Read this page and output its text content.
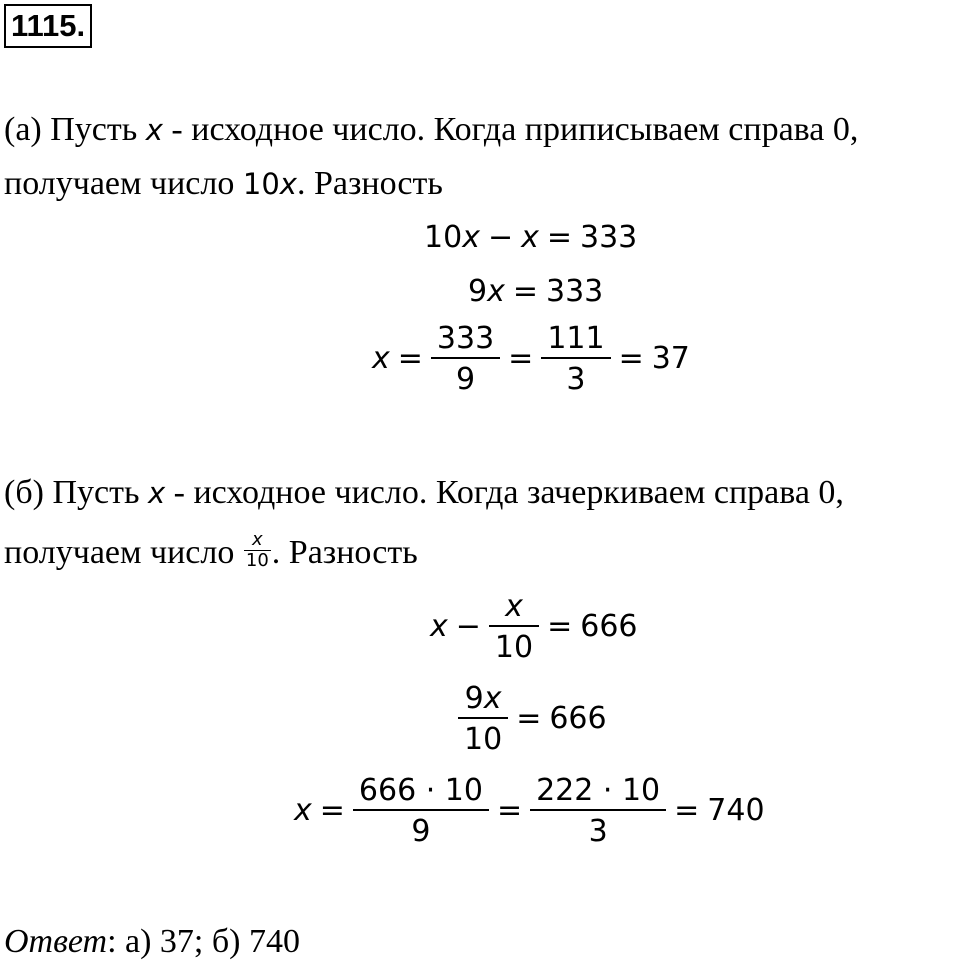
1115.
(а) Пусть x - исходное число. Когда приписываем справа 0,
получаем число 10x. Разность
10 x − x = 333
9 x = 333
$x = \frac{333}{9} = \frac{111}{3} = 37$
(б) Пусть x - исходное число. Когда зачеркиваем справа 0,
получаем число $\frac{x}{10}$ . Разность
$x - \frac{x}{10} = 666$
$\frac{9x}{10} = 666$
$x = \frac{666 \cdot 10}{9} = \frac{222 \cdot 10}{3} = 740$
Ответ: а) 37; б) 740
